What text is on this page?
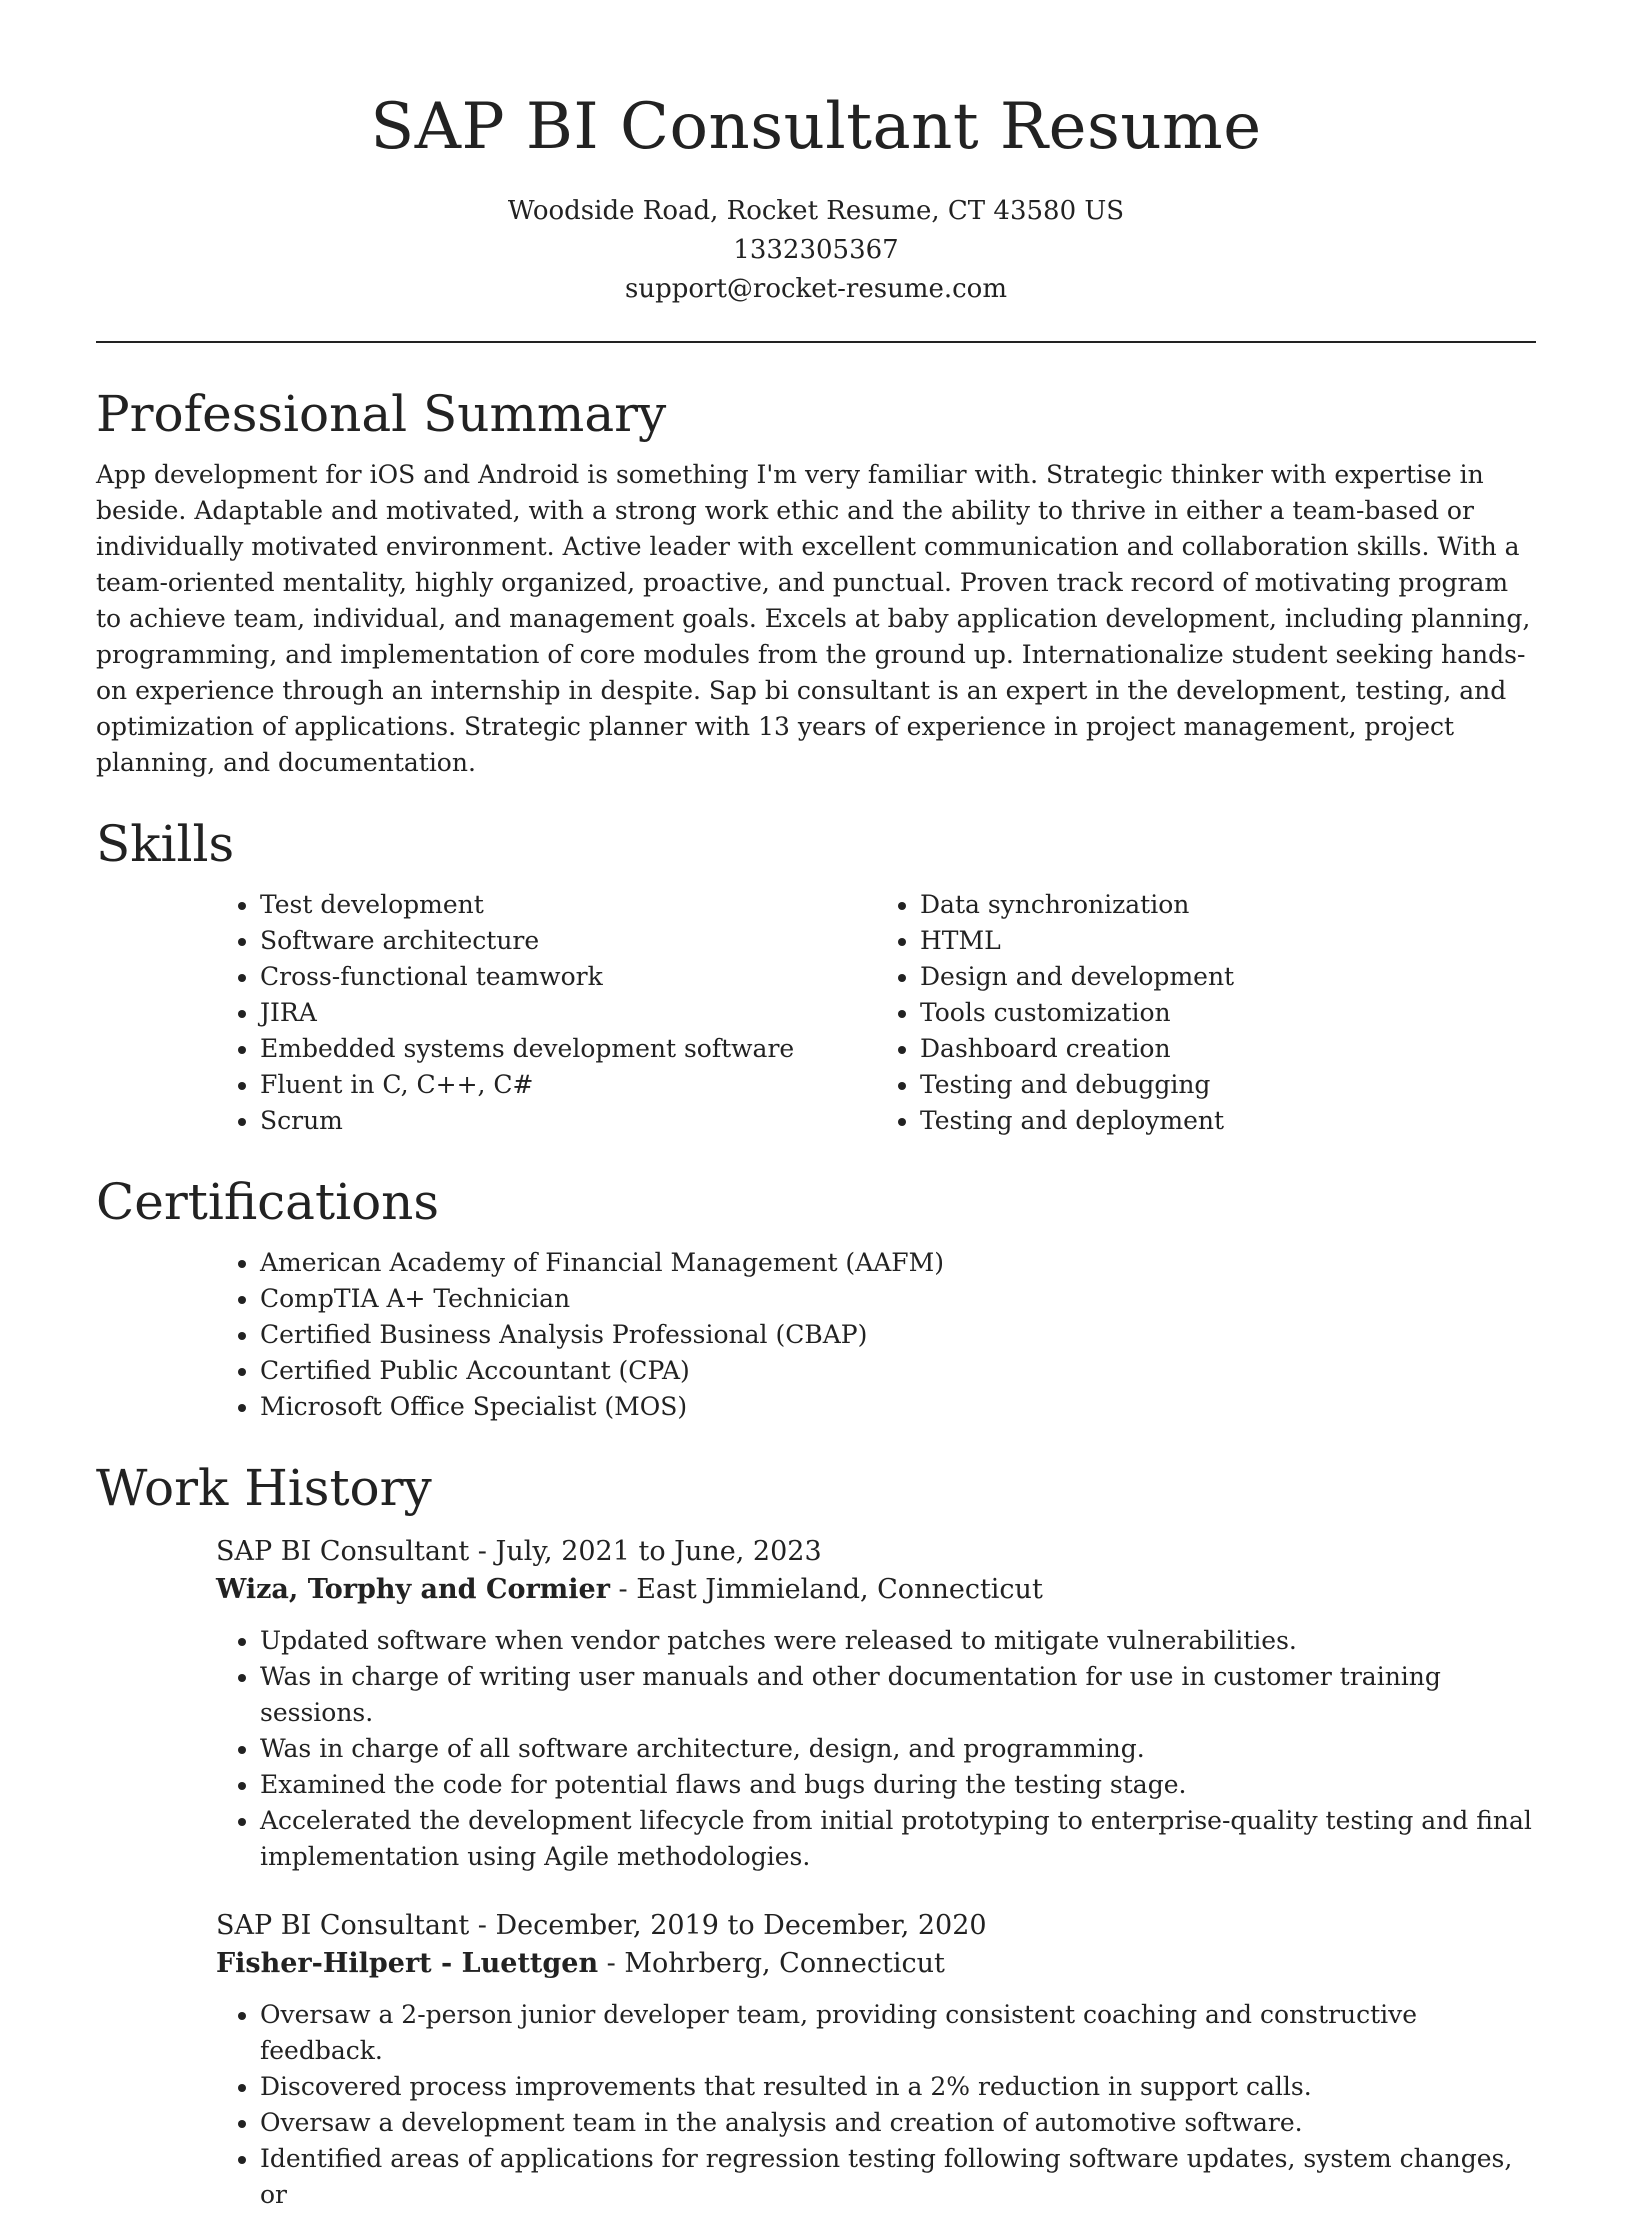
SAP BI Consultant Resume
Woodside Road, Rocket Resume, CT 43580 US
1332305367
support@rocket-resume.com
Professional Summary

App development for iOS and Android is something I'm very familiar with. Strategic thinker with expertise in beside. Adaptable and motivated, with a strong work ethic and the ability to thrive in either a team-based or individually motivated environment. Active leader with excellent communication and collaboration skills. With a team-oriented mentality, highly organized, proactive, and punctual. Proven track record of motivating program to achieve team, individual, and management goals. Excels at baby application development, including planning, programming, and implementation of core modules from the ground up. Internationalize student seeking hands-on experience through an internship in despite. Sap bi consultant is an expert in the development, testing, and optimization of applications. Strategic planner with 13 years of experience in project management, project planning, and documentation.

Skills
• Test development
• Software architecture
• Cross-functional teamwork
• JIRA
• Embedded systems development software
• Fluent in C, C++, C#
• Scrum
• Data synchronization
• HTML
• Design and development
• Tools customization
• Dashboard creation
• Testing and debugging
• Testing and deployment
Certifications
• American Academy of Financial Management (AAFM)
• CompTIA A+ Technician
• Certified Business Analysis Professional (CBAP)
• Certified Public Accountant (CPA)
• Microsoft Office Specialist (MOS)
Work History

SAP BI Consultant - July, 2021 to June, 2023

Wiza, Torphy and Cormier - East Jimmieland, Connecticut

• Updated software when vendor patches were released to mitigate vulnerabilities.
• Was in charge of writing user manuals and other documentation for use in customer training sessions.
• Was in charge of all software architecture, design, and programming.
• Examined the code for potential flaws and bugs during the testing stage.
• Accelerated the development lifecycle from initial prototyping to enterprise-quality testing and final implementation using Agile methodologies.

SAP BI Consultant - December, 2019 to December, 2020

Fisher-Hilpert - Luettgen - Mohrberg, Connecticut

• Oversaw a 2-person junior developer team, providing consistent coaching and constructive feedback.
• Discovered process improvements that resulted in a 2% reduction in support calls.
• Oversaw a development team in the analysis and creation of automotive software.
• Identified areas of applications for regression testing following software updates, system changes, or
